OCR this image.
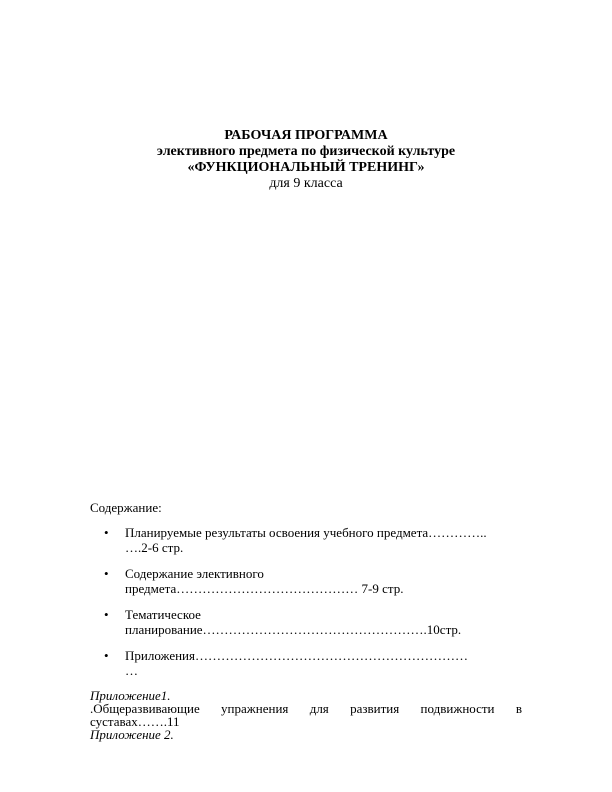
РАБОЧАЯ ПРОГРАММА
элективного предмета по физической культуре
«ФУНКЦИОНАЛЬНЫЙ ТРЕНИНГ»
для 9 класса
Содержание:
• Планируемые результаты освоения учебного предмета…………..
….2-6 стр.
• Содержание элективного
предмета…………………………………… 7-9 стр.
• Тематическое
планирование…………………………………………….10стр.
• Приложения………………………………………………………
…
Приложение1.
.Общеразвивающие упражнения для развития подвижности в
суставах…….11
Приложение 2.
